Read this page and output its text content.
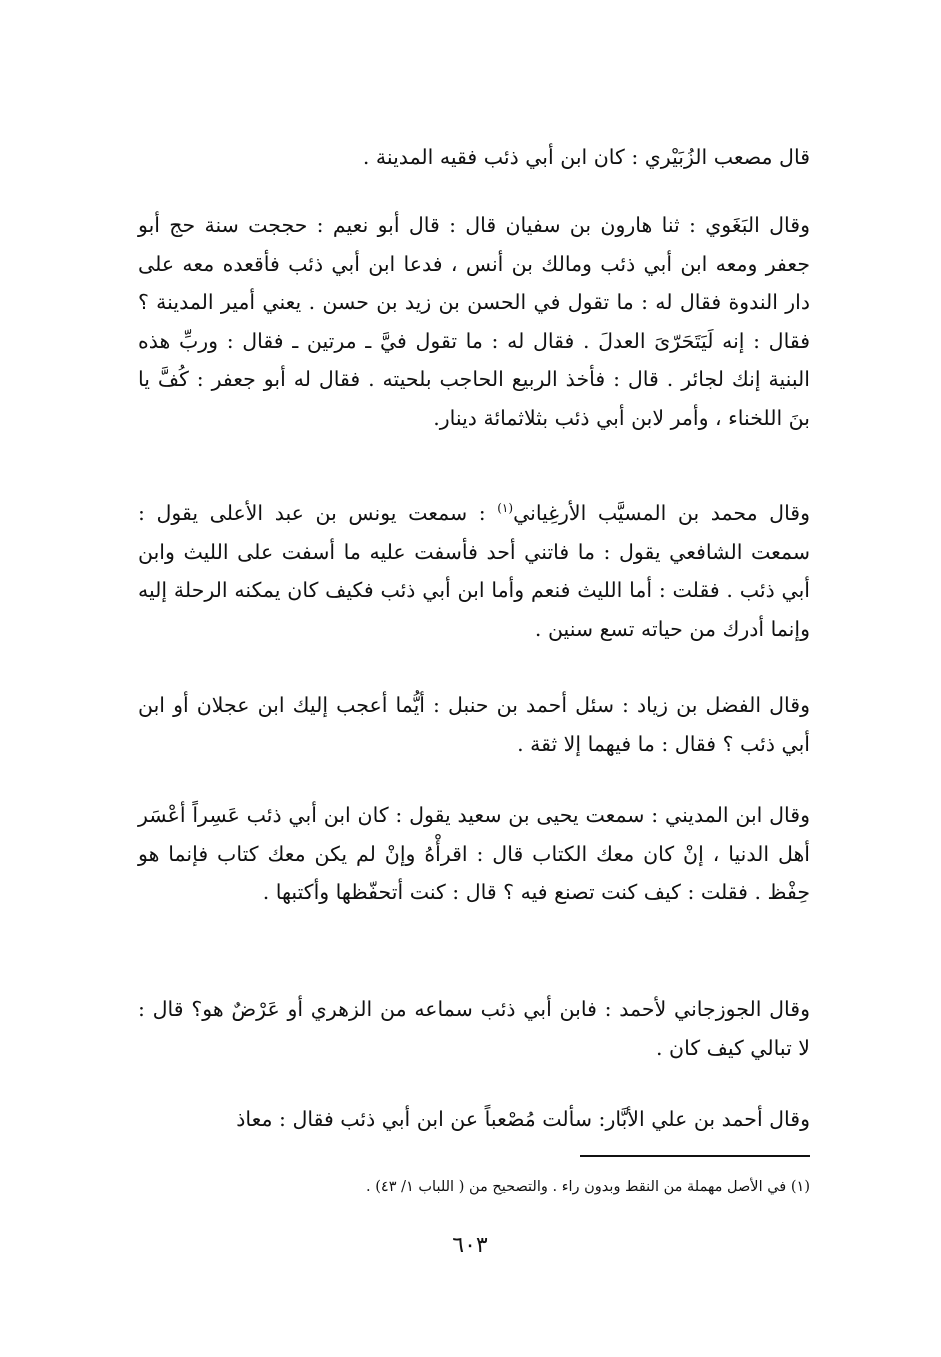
قال مصعب الزُبَيْري : كان ابن أبي ذئب فقيه المدينة .

وقال البَغَوي : ثنا هارون بن سفيان قال : قال أبو نعيم : حججت سنة حج أبو جعفر ومعه ابن أبي ذئب ومالك بن أنس ، فدعا ابن أبي ذئب فأقعده معه على دار الندوة فقال له : ما تقول في الحسن بن زيد بن حسن . يعني أمير المدينة ؟ فقال : إنه لَيَتَحَرّىَ العدلَ . فقال له : ما تقول فيَّ ـ مرتين ـ فقال : وربِّ هذه البنية إنك لجائر . قال : فأخذ الربيع الحاجب بلحيته . فقال له أبو جعفر : كُفَّ يا بنَ اللخناء ، وأمر لابن أبي ذئب بثلاثمائة دينار.

وقال محمد بن المسيَّب الأرغِياني$^{(١)}$ : سمعت يونس بن عبد الأعلى يقول : سمعت الشافعي يقول : ما فاتني أحد فأسفت عليه ما أسفت على الليث وابن أبي ذئب . فقلت : أما الليث فنعم وأما ابن أبي ذئب فكيف كان يمكنه الرحلة إليه وإنما أدرك من حياته تسع سنين .

وقال الفضل بن زياد : سئل أحمد بن حنبل : أيُّما أعجب إليك ابن عجلان أو ابن أبي ذئب ؟ فقال : ما فيهما إلا ثقة .

وقال ابن المديني : سمعت يحيى بن سعيد يقول : كان ابن أبي ذئب عَسِراً أعْسَر أهل الدنيا ، إنْ كان معك الكتاب قال : اقرأْهُ وإنْ لم يكن معك كتاب فإنما هو حِفْظ . فقلت : كيف كنت تصنع فيه ؟ قال : كنت أتحفّظها وأكتبها .

وقال الجوزجاني لأحمد : فابن أبي ذئب سماعه من الزهري أو عَرْضٌ هو؟ قال : لا تبالي كيف كان .

وقال أحمد بن علي الأبَّار: سألت مُصْعباً عن ابن أبي ذئب فقال : معاذ

(١) في الأصل مهملة من النقط وبدون راء . والتصحيح من ( اللباب ١/ ٤٣) .
٦٠٣
